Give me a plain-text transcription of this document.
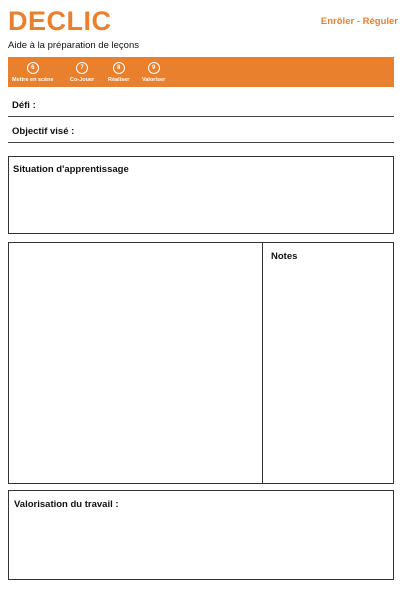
DECLIC
Aide à la préparation de leçons
Enrôler - Réguler
6
Mettre en scène
7
Co-Jouer
8
Réaliser
9
Valoriser
Défi :
Objectif visé :
Situation d'apprentissage
Notes
Valorisation du travail :
